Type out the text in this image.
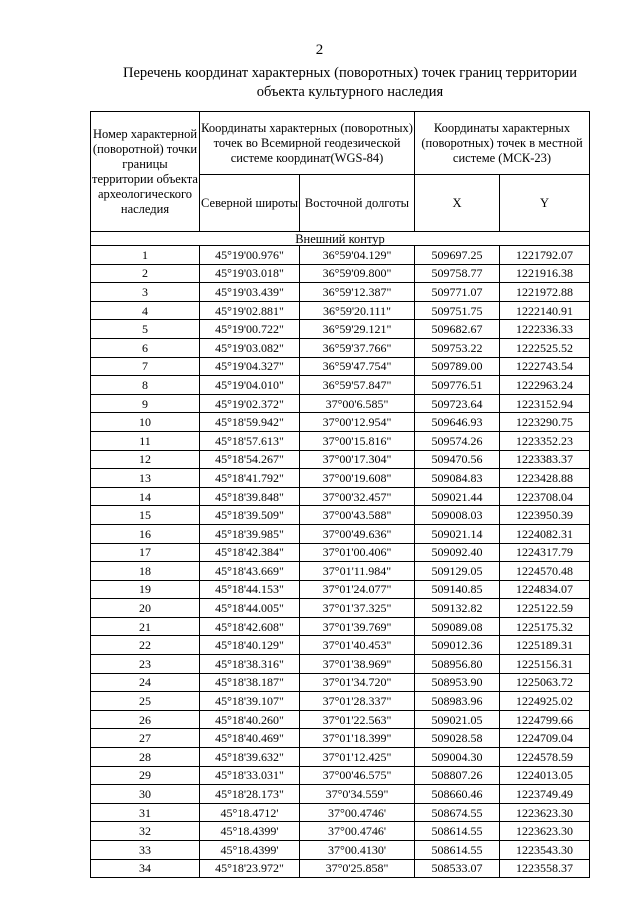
2
Перечень координат характерных (поворотных) точек границ территории
объекта культурного наследия
Номер характерной (поворотной) точки границы территории объекта археологического наследия	Координаты характерных (поворотных) точек во Всемирной геодезической системе координат(WGS-84)		Координаты характерных (поворотных) точек в местной системе (МСК-23)	
	Северной широты	Восточной долготы	X	Y
Внешний контур				
1	45°19'00.976"	36°59'04.129"	509697.25	1221792.07
2	45°19'03.018"	36°59'09.800"	509758.77	1221916.38
3	45°19'03.439"	36°59'12.387"	509771.07	1221972.88
4	45°19'02.881"	36°59'20.111"	509751.75	1222140.91
5	45°19'00.722"	36°59'29.121"	509682.67	1222336.33
6	45°19'03.082"	36°59'37.766"	509753.22	1222525.52
7	45°19'04.327"	36°59'47.754"	509789.00	1222743.54
8	45°19'04.010"	36°59'57.847"	509776.51	1222963.24
9	45°19'02.372"	37°00'6.585"	509723.64	1223152.94
10	45°18'59.942"	37°00'12.954"	509646.93	1223290.75
11	45°18'57.613"	37°00'15.816"	509574.26	1223352.23
12	45°18'54.267"	37°00'17.304"	509470.56	1223383.37
13	45°18'41.792"	37°00'19.608"	509084.83	1223428.88
14	45°18'39.848"	37°00'32.457"	509021.44	1223708.04
15	45°18'39.509"	37°00'43.588"	509008.03	1223950.39
16	45°18'39.985"	37°00'49.636"	509021.14	1224082.31
17	45°18'42.384"	37°01'00.406"	509092.40	1224317.79
18	45°18'43.669"	37°01'11.984"	509129.05	1224570.48
19	45°18'44.153"	37°01'24.077"	509140.85	1224834.07
20	45°18'44.005"	37°01'37.325"	509132.82	1225122.59
21	45°18'42.608"	37°01'39.769"	509089.08	1225175.32
22	45°18'40.129"	37°01'40.453"	509012.36	1225189.31
23	45°18'38.316"	37°01'38.969"	508956.80	1225156.31
24	45°18'38.187"	37°01'34.720"	508953.90	1225063.72
25	45°18'39.107"	37°01'28.337"	508983.96	1224925.02
26	45°18'40.260"	37°01'22.563"	509021.05	1224799.66
27	45°18'40.469"	37°01'18.399"	509028.58	1224709.04
28	45°18'39.632"	37°01'12.425"	509004.30	1224578.59
29	45°18'33.031"	37°00'46.575"	508807.26	1224013.05
30	45°18'28.173"	37°0'34.559"	508660.46	1223749.49
31	45°18.4712'	37°00.4746'	508674.55	1223623.30
32	45°18.4399'	37°00.4746'	508614.55	1223623.30
33	45°18.4399'	37°00.4130'	508614.55	1223543.30
34	45°18'23.972"	37°0'25.858"	508533.07	1223558.37
